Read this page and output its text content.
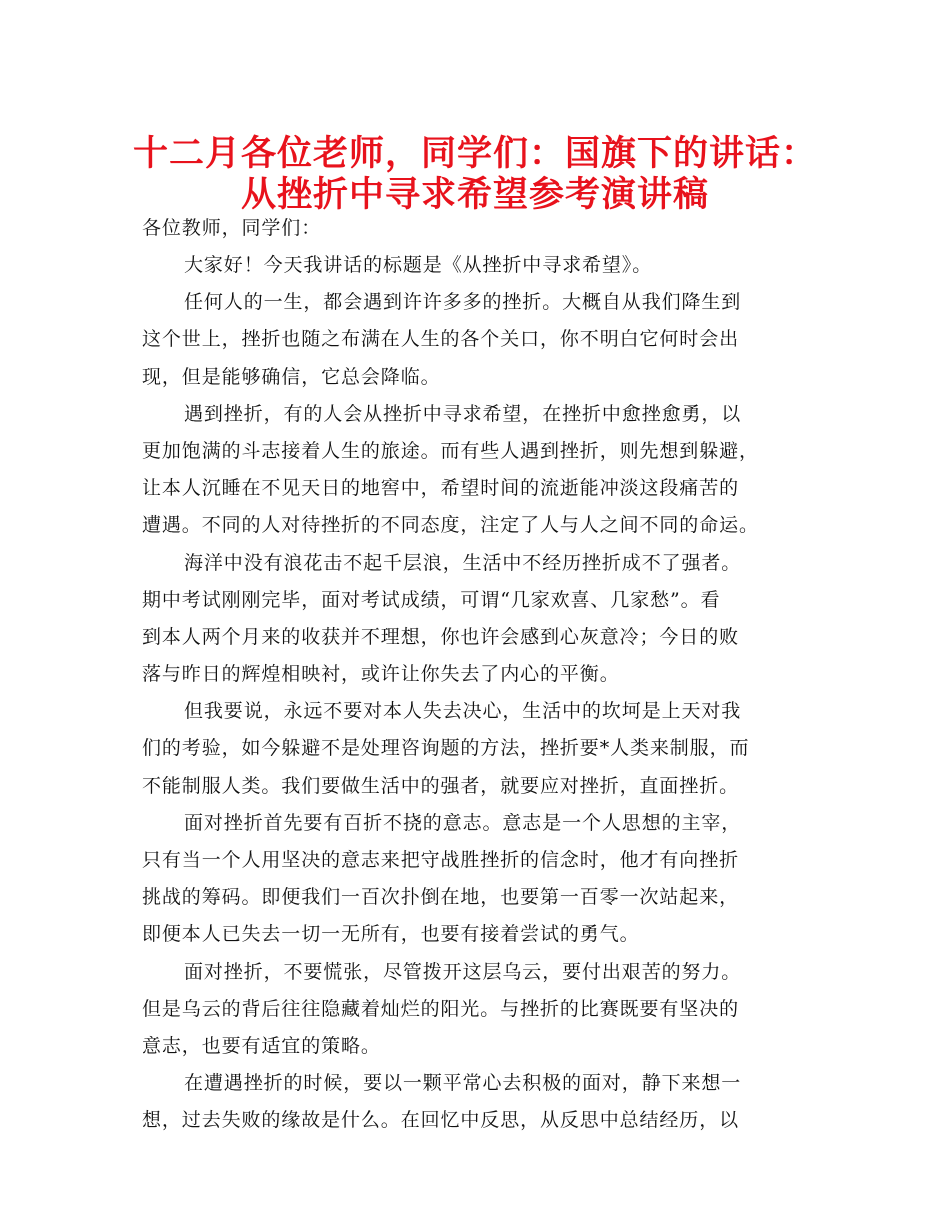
十二月各位老师，同学们：国旗下的讲话：
从挫折中寻求希望参考演讲稿

各位教师，同学们：

大家好！今天我讲话的标题是《从挫折中寻求希望》。
任何人的一生，都会遇到许许多多的挫折。大概自从我们降生到
这个世上，挫折也随之布满在人生的各个关口，你不明白它何时会出
现，但是能够确信，它总会降临。
遇到挫折，有的人会从挫折中寻求希望，在挫折中愈挫愈勇，以
更加饱满的斗志接着人生的旅途。而有些人遇到挫折，则先想到躲避，
让本人沉睡在不见天日的地窖中，希望时间的流逝能冲淡这段痛苦的
遭遇。不同的人对待挫折的不同态度，注定了人与人之间不同的命运。
海洋中没有浪花击不起千层浪，生活中不经历挫折成不了强者。
期中考试刚刚完毕，面对考试成绩，可谓“几家欢喜、几家愁”。看
到本人两个月来的收获并不理想，你也许会感到心灰意冷；今日的败
落与昨日的辉煌相映衬，或许让你失去了内心的平衡。
但我要说，永远不要对本人失去决心，生活中的坎坷是上天对我
们的考验，如今躲避不是处理咨询题的方法，挫折要*人类来制服，而
不能制服人类。我们要做生活中的强者，就要应对挫折，直面挫折。
面对挫折首先要有百折不挠的意志。意志是一个人思想的主宰，
只有当一个人用坚决的意志来把守战胜挫折的信念时，他才有向挫折
挑战的筹码。即便我们一百次扑倒在地，也要第一百零一次站起来，
即便本人已失去一切一无所有，也要有接着尝试的勇气。
面对挫折，不要慌张，尽管拨开这层乌云，要付出艰苦的努力。
但是乌云的背后往往隐藏着灿烂的阳光。与挫折的比赛既要有坚决的
意志，也要有适宜的策略。
在遭遇挫折的时候，要以一颗平常心去积极的面对，静下来想一
想，过去失败的缘故是什么。在回忆中反思，从反思中总结经历，以
